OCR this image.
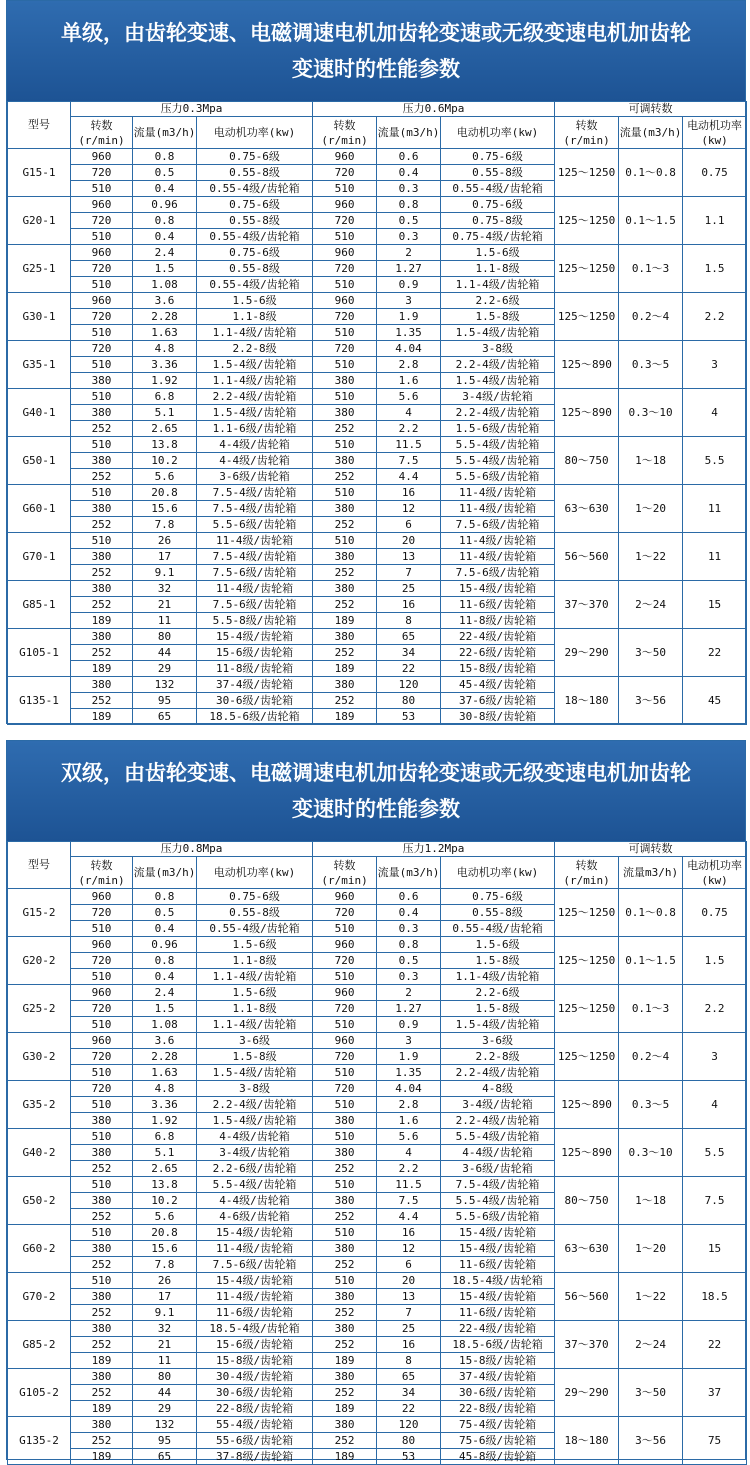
单级，由齿轮变速、电磁调速电机加齿轮变速或无级变速电机加齿轮
变速时的性能参数
型号	压力0.3Mpa			压力0.6Mpa			可调转数		
	转数(r/min)	流量(m3/h)	电动机功率(kw)	转数(r/min)	流量(m3/h)	电动机功率(kw)	转数(r/min)	流量(m3/h)	电动机功率(kw)
G15-1	960	0.8	0.75-6级	960	0.6	0.75-6级	125～1250	0.1～0.8	0.75
	720	0.5	0.55-8级	720	0.4	0.55-8级			
	510	0.4	0.55-4级/齿轮箱	510	0.3	0.55-4级/齿轮箱			
G20-1	960	0.96	0.75-6级	960	0.8	0.75-6级	125～1250	0.1～1.5	1.1
	720	0.8	0.55-8级	720	0.5	0.75-8级			
	510	0.4	0.55-4级/齿轮箱	510	0.3	0.75-4级/齿轮箱			
G25-1	960	2.4	0.75-6级	960	2	1.5-6级	125～1250	0.1～3	1.5
	720	1.5	0.55-8级	720	1.27	1.1-8级			
	510	1.08	0.55-4级/齿轮箱	510	0.9	1.1-4级/齿轮箱			
G30-1	960	3.6	1.5-6级	960	3	2.2-6级	125～1250	0.2～4	2.2
	720	2.28	1.1-8级	720	1.9	1.5-8级			
	510	1.63	1.1-4级/齿轮箱	510	1.35	1.5-4级/齿轮箱			
G35-1	720	4.8	2.2-8级	720	4.04	3-8级	125～890	0.3～5	3
	510	3.36	1.5-4级/齿轮箱	510	2.8	2.2-4级/齿轮箱			
	380	1.92	1.1-4级/齿轮箱	380	1.6	1.5-4级/齿轮箱			
G40-1	510	6.8	2.2-4级/齿轮箱	510	5.6	3-4级/齿轮箱	125～890	0.3～10	4
	380	5.1	1.5-4级/齿轮箱	380	4	2.2-4级/齿轮箱			
	252	2.65	1.1-6级/齿轮箱	252	2.2	1.5-6级/齿轮箱			
G50-1	510	13.8	4-4级/齿轮箱	510	11.5	5.5-4级/齿轮箱	80～750	1～18	5.5
	380	10.2	4-4级/齿轮箱	380	7.5	5.5-4级/齿轮箱			
	252	5.6	3-6级/齿轮箱	252	4.4	5.5-6级/齿轮箱			
G60-1	510	20.8	7.5-4级/齿轮箱	510	16	11-4级/齿轮箱	63～630	1～20	11
	380	15.6	7.5-4级/齿轮箱	380	12	11-4级/齿轮箱			
	252	7.8	5.5-6级/齿轮箱	252	6	7.5-6级/齿轮箱			
G70-1	510	26	11-4级/齿轮箱	510	20	11-4级/齿轮箱	56～560	1～22	11
	380	17	7.5-4级/齿轮箱	380	13	11-4级/齿轮箱			
	252	9.1	7.5-6级/齿轮箱	252	7	7.5-6级/齿轮箱			
G85-1	380	32	11-4级/齿轮箱	380	25	15-4级/齿轮箱	37～370	2～24	15
	252	21	7.5-6级/齿轮箱	252	16	11-6级/齿轮箱			
	189	11	5.5-8级/齿轮箱	189	8	11-8级/齿轮箱			
G105-1	380	80	15-4级/齿轮箱	380	65	22-4级/齿轮箱	29～290	3～50	22
	252	44	15-6级/齿轮箱	252	34	22-6级/齿轮箱			
	189	29	11-8级/齿轮箱	189	22	15-8级/齿轮箱			
G135-1	380	132	37-4级/齿轮箱	380	120	45-4级/齿轮箱	18～180	3～56	45
	252	95	30-6级/齿轮箱	252	80	37-6级/齿轮箱			
	189	65	18.5-6级/齿轮箱	189	53	30-8级/齿轮箱			
双级，由齿轮变速、电磁调速电机加齿轮变速或无级变速电机加齿轮
变速时的性能参数
型号	压力0.8Mpa			压力1.2Mpa			可调转数		
	转数(r/min)	流量(m3/h)	电动机功率(kw)	转数(r/min)	流量(m3/h)	电动机功率(kw)	转数(r/min)	流量m3/h)	电动机功率(kw)
G15-2	960	0.8	0.75-6级	960	0.6	0.75-6级	125～1250	0.1～0.8	0.75
	720	0.5	0.55-8级	720	0.4	0.55-8级			
	510	0.4	0.55-4级/齿轮箱	510	0.3	0.55-4级/齿轮箱			
G20-2	960	0.96	1.5-6级	960	0.8	1.5-6级	125～1250	0.1～1.5	1.5
	720	0.8	1.1-8级	720	0.5	1.5-8级			
	510	0.4	1.1-4级/齿轮箱	510	0.3	1.1-4级/齿轮箱			
G25-2	960	2.4	1.5-6级	960	2	2.2-6级	125～1250	0.1～3	2.2
	720	1.5	1.1-8级	720	1.27	1.5-8级			
	510	1.08	1.1-4级/齿轮箱	510	0.9	1.5-4级/齿轮箱			
G30-2	960	3.6	3-6级	960	3	3-6级	125～1250	0.2～4	3
	720	2.28	1.5-8级	720	1.9	2.2-8级			
	510	1.63	1.5-4级/齿轮箱	510	1.35	2.2-4级/齿轮箱			
G35-2	720	4.8	3-8级	720	4.04	4-8级	125～890	0.3～5	4
	510	3.36	2.2-4级/齿轮箱	510	2.8	3-4级/齿轮箱			
	380	1.92	1.5-4级/齿轮箱	380	1.6	2.2-4级/齿轮箱			
G40-2	510	6.8	4-4级/齿轮箱	510	5.6	5.5-4级/齿轮箱	125～890	0.3～10	5.5
	380	5.1	3-4级/齿轮箱	380	4	4-4级/齿轮箱			
	252	2.65	2.2-6级/齿轮箱	252	2.2	3-6级/齿轮箱			
G50-2	510	13.8	5.5-4级/齿轮箱	510	11.5	7.5-4级/齿轮箱	80～750	1～18	7.5
	380	10.2	4-4级/齿轮箱	380	7.5	5.5-4级/齿轮箱			
	252	5.6	4-6级/齿轮箱	252	4.4	5.5-6级/齿轮箱			
G60-2	510	20.8	15-4级/齿轮箱	510	16	15-4级/齿轮箱	63～630	1～20	15
	380	15.6	11-4级/齿轮箱	380	12	15-4级/齿轮箱			
	252	7.8	7.5-6级/齿轮箱	252	6	11-6级/齿轮箱			
G70-2	510	26	15-4级/齿轮箱	510	20	18.5-4级/齿轮箱	56～560	1～22	18.5
	380	17	11-4级/齿轮箱	380	13	15-4级/齿轮箱			
	252	9.1	11-6级/齿轮箱	252	7	11-6级/齿轮箱			
G85-2	380	32	18.5-4级/齿轮箱	380	25	22-4级/齿轮箱	37～370	2～24	22
	252	21	15-6级/齿轮箱	252	16	18.5-6级/齿轮箱			
	189	11	15-8级/齿轮箱	189	8	15-8级/齿轮箱			
G105-2	380	80	30-4级/齿轮箱	380	65	37-4级/齿轮箱	29～290	3～50	37
	252	44	30-6级/齿轮箱	252	34	30-6级/齿轮箱			
	189	29	22-8级/齿轮箱	189	22	22-8级/齿轮箱			
G135-2	380	132	55-4级/齿轮箱	380	120	75-4级/齿轮箱	18～180	3～56	75
	252	95	55-6级/齿轮箱	252	80	75-6级/齿轮箱			
	189	65	37-8级/齿轮箱	189	53	45-8级/齿轮箱			
